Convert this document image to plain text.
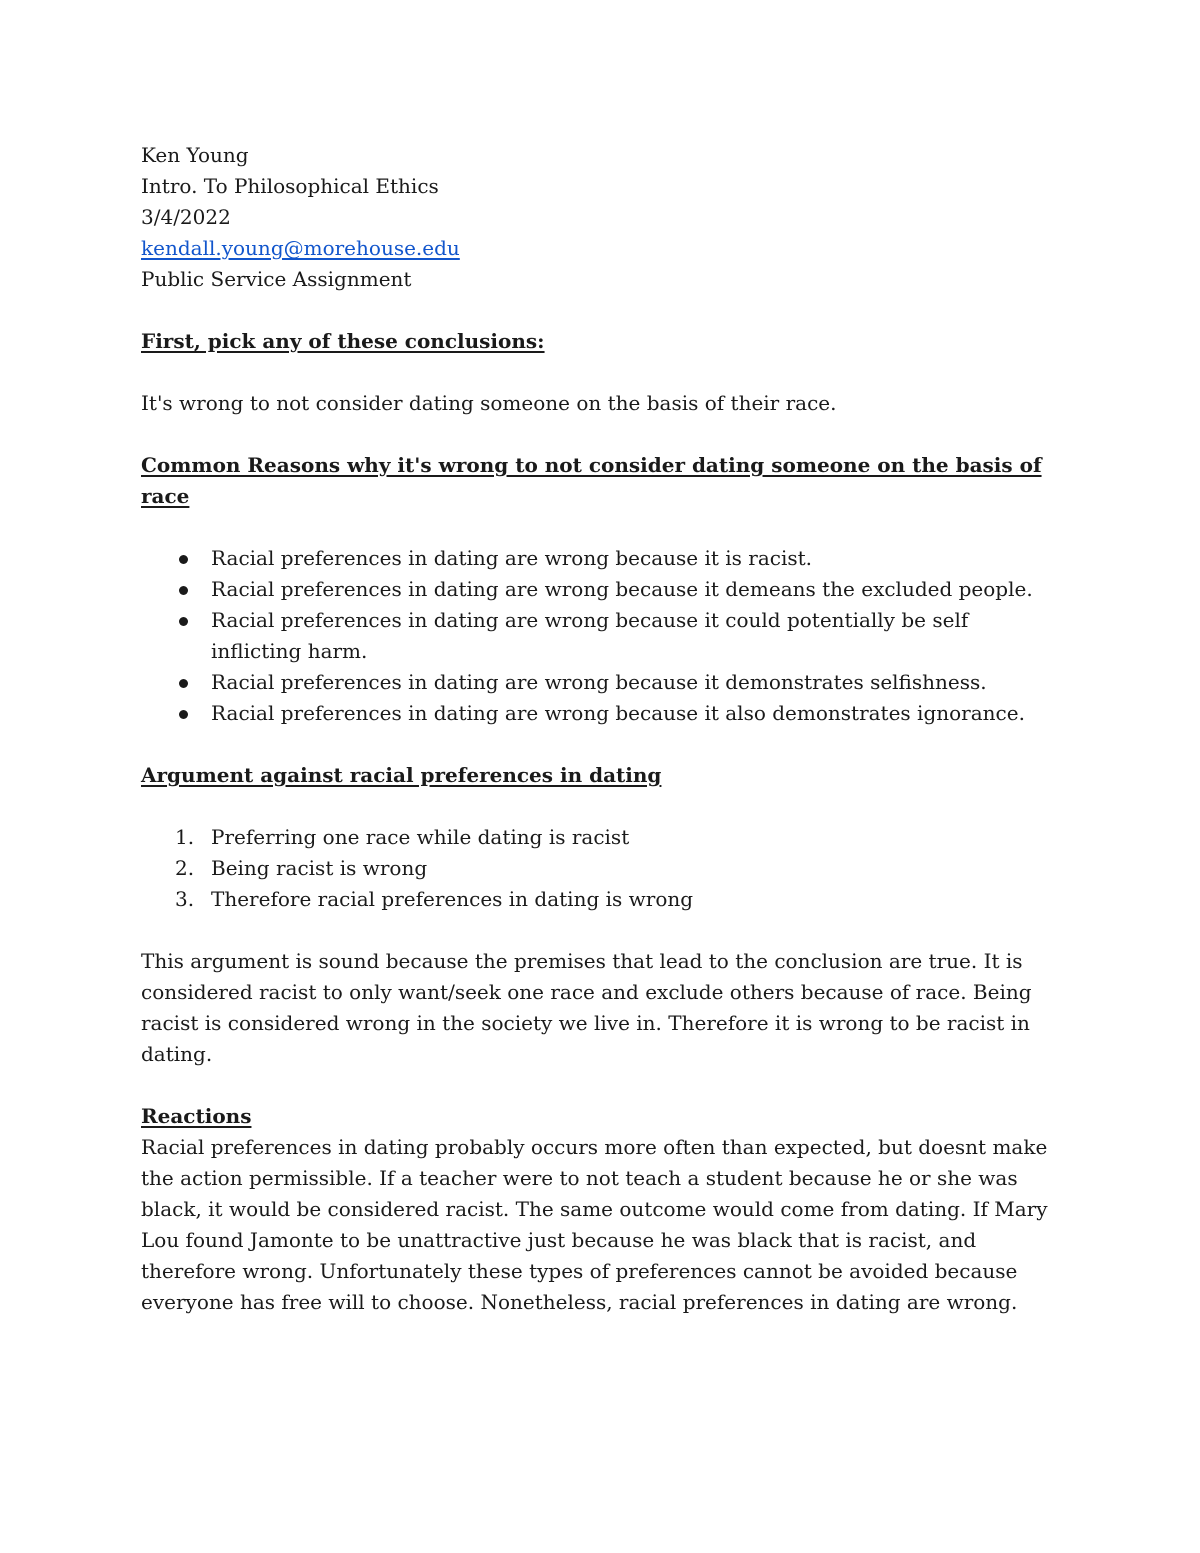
Ken Young

Intro. To Philosophical Ethics

3/4/2022

kendall.young@morehouse.edu

Public Service Assignment

First, pick any of these conclusions:

It's wrong to not consider dating someone on the basis of their race.

Common Reasons why it's wrong to not consider dating someone on the basis of race

Racial preferences in dating are wrong because it is racist.
Racial preferences in dating are wrong because it demeans the excluded people.
Racial preferences in dating are wrong because it could potentially be self inflicting harm.
Racial preferences in dating are wrong because it demonstrates selfishness.
Racial preferences in dating are wrong because it also demonstrates ignorance.

Argument against racial preferences in dating

1. Preferring one race while dating is racist
2. Being racist is wrong
3. Therefore racial preferences in dating is wrong

This argument is sound because the premises that lead to the conclusion are true. It is considered racist to only want/seek one race and exclude others because of race. Being racist is considered wrong in the society we live in. Therefore it is wrong to be racist in dating.

Reactions

Racial preferences in dating probably occurs more often than expected, but doesnt make the action permissible. If a teacher were to not teach a student because he or she was black, it would be considered racist. The same outcome would come from dating. If Mary Lou found Jamonte to be unattractive just because he was black that is racist, and therefore wrong. Unfortunately these types of preferences cannot be avoided because everyone has free will to choose. Nonetheless, racial preferences in dating are wrong.
